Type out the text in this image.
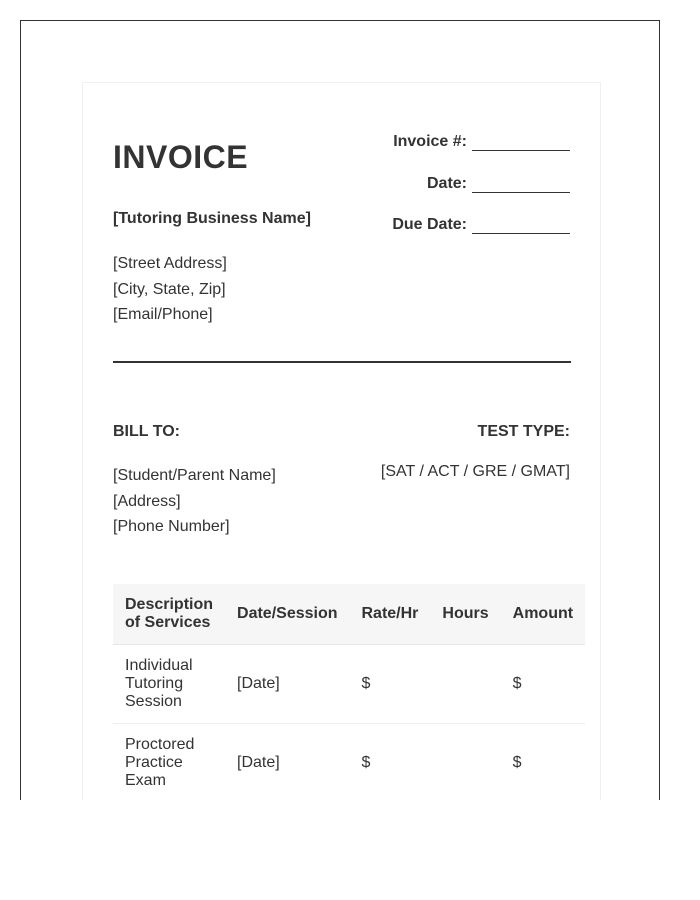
INVOICE
[Tutoring Business Name]
[Street Address]
[City, State, Zip]
[Email/Phone]
Invoice #:
Date:
Due Date:
BILL TO:	TEST TYPE:
[Student/Parent Name]
[Address]
[Phone Number]
[SAT / ACT / GRE / GMAT]
Description
of Services	Date/Session	Rate/Hr	Hours	Amount

Individual
Tutoring
Session	[Date]	$		$

Proctored
Practice
Exam	[Date]	$		$
